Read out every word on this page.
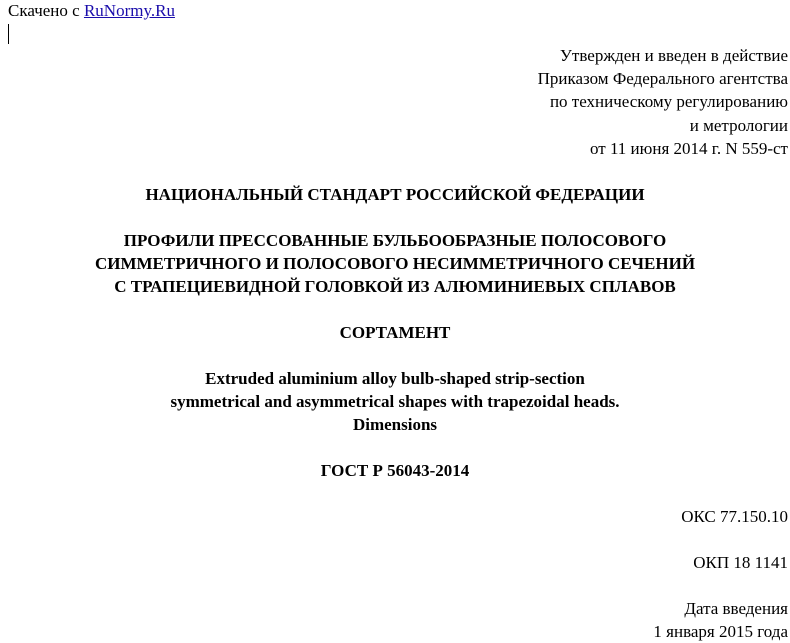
Скачено с RuNormy.Ru
Утвержден и введен в действие
Приказом Федерального агентства
по техническому регулированию
и метрологии
от 11 июня 2014 г. N 559-ст
НАЦИОНАЛЬНЫЙ СТАНДАРТ РОССИЙСКОЙ ФЕДЕРАЦИИ
ПРОФИЛИ ПРЕССОВАННЫЕ БУЛЬБООБРАЗНЫЕ ПОЛОСОВОГО
СИММЕТРИЧНОГО И ПОЛОСОВОГО НЕСИММЕТРИЧНОГО СЕЧЕНИЙ
С ТРАПЕЦИЕВИДНОЙ ГОЛОВКОЙ ИЗ АЛЮМИНИЕВЫХ СПЛАВОВ
СОРТАМЕНТ
Extruded aluminium alloy bulb-shaped strip-section
symmetrical and asymmetrical shapes with trapezoidal heads.
Dimensions
ГОСТ Р 56043-2014
ОКС 77.150.10
ОКП 18 1141
Дата введения
1 января 2015 года
